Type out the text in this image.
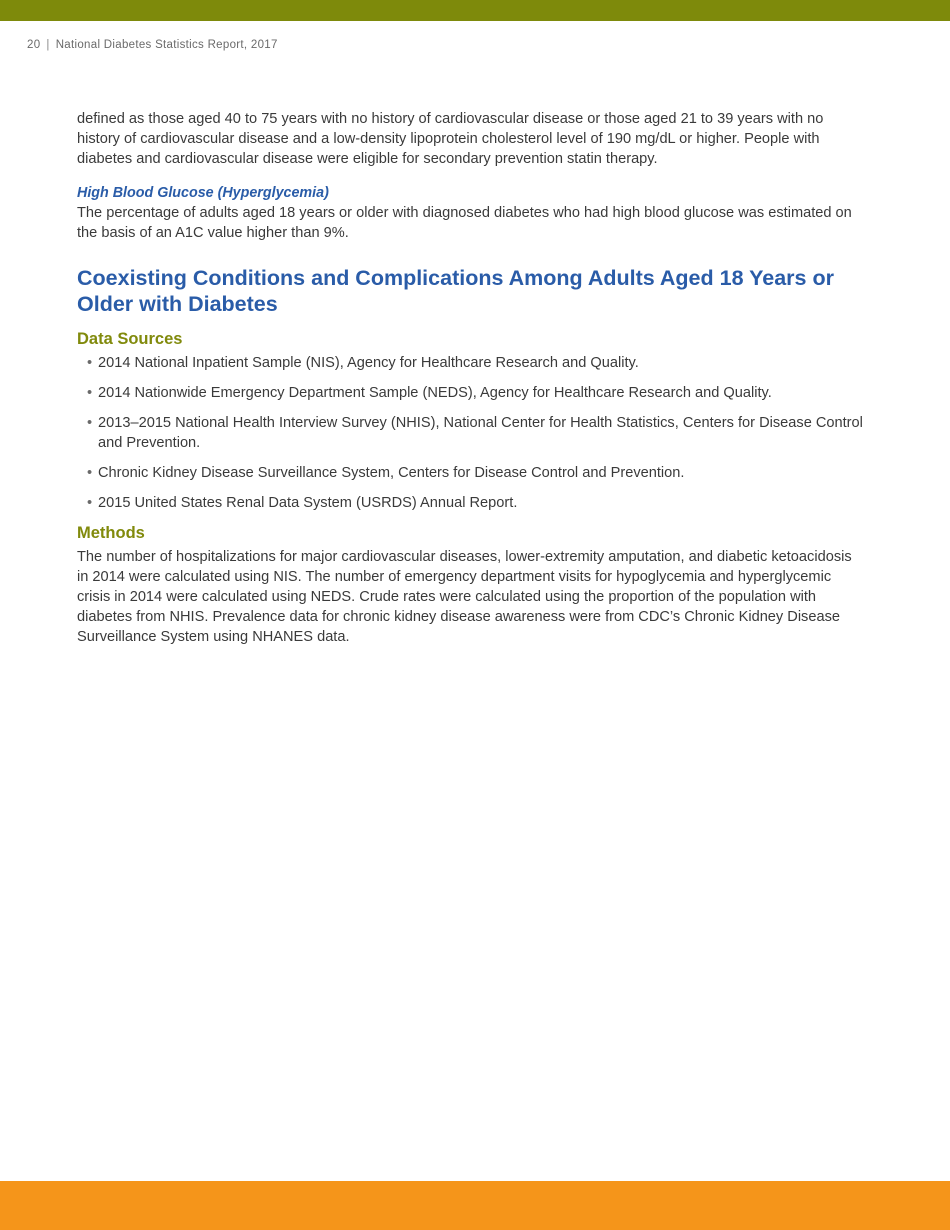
20 | National Diabetes Statistics Report, 2017

defined as those aged 40 to 75 years with no history of cardiovascular disease or those aged 21 to 39 years with no history of cardiovascular disease and a low-density lipoprotein cholesterol level of 190 mg/dL or higher. People with diabetes and cardiovascular disease were eligible for secondary prevention statin therapy.

High Blood Glucose (Hyperglycemia)

The percentage of adults aged 18 years or older with diagnosed diabetes who had high blood glucose was estimated on the basis of an A1C value higher than 9%.

Coexisting Conditions and Complications Among Adults Aged 18 Years or Older with Diabetes
Data Sources
• 2014 National Inpatient Sample (NIS), Agency for Healthcare Research and Quality.
• 2014 Nationwide Emergency Department Sample (NEDS), Agency for Healthcare Research and Quality.
• 2013–2015 National Health Interview Survey (NHIS), National Center for Health Statistics, Centers for Disease Control and Prevention.
• Chronic Kidney Disease Surveillance System, Centers for Disease Control and Prevention.
• 2015 United States Renal Data System (USRDS) Annual Report.
Methods

The number of hospitalizations for major cardiovascular diseases, lower-extremity amputation, and diabetic ketoacidosis in 2014 were calculated using NIS. The number of emergency department visits for hypoglycemia and hyperglycemic crisis in 2014 were calculated using NEDS. Crude rates were calculated using the proportion of the population with diabetes from NHIS. Prevalence data for chronic kidney disease awareness were from CDC’s Chronic Kidney Disease Surveillance System using NHANES data.
